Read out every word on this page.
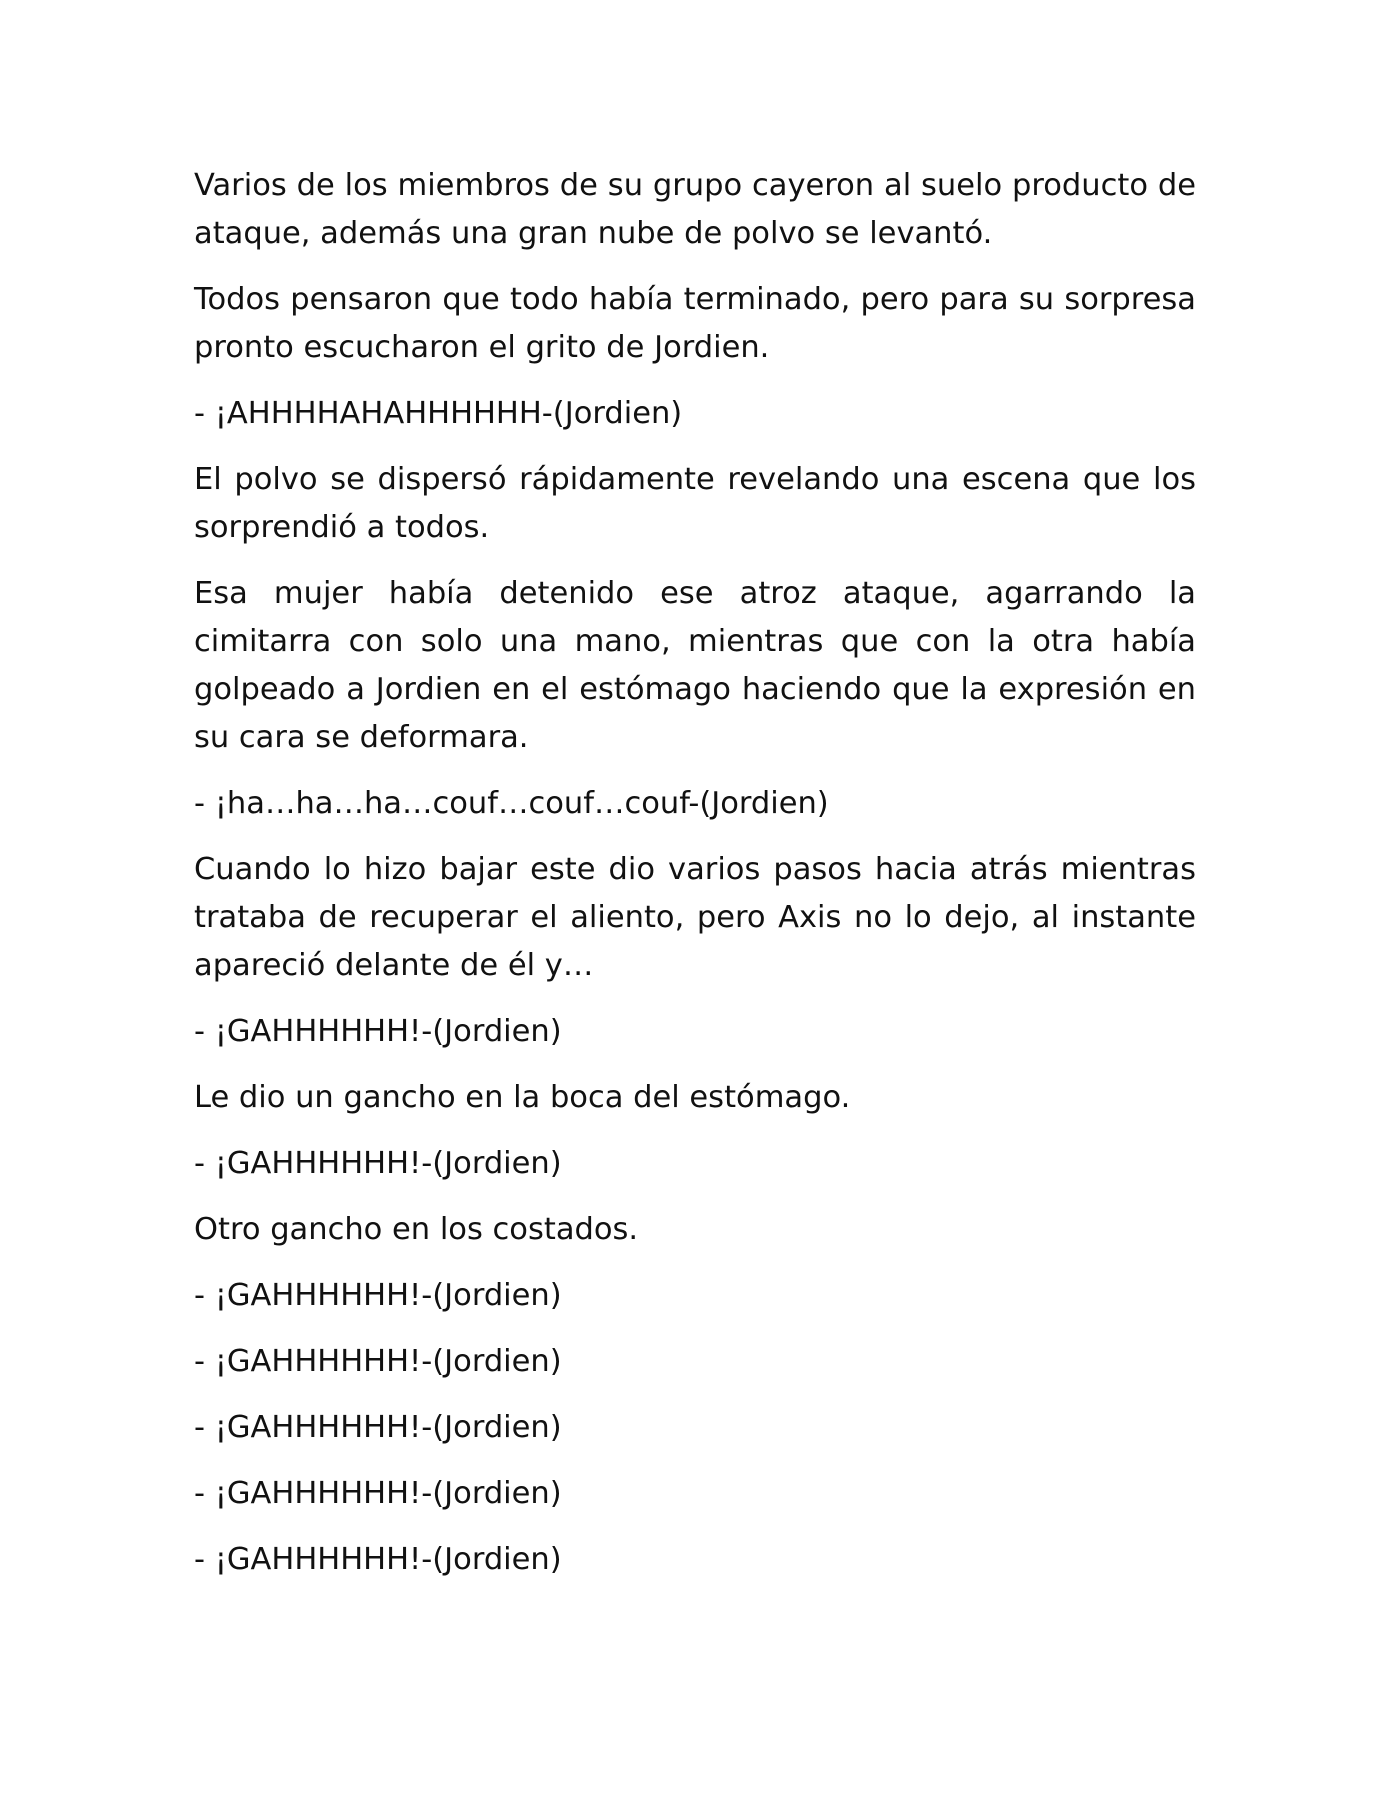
Varios de los miembros de su grupo cayeron al suelo producto de ataque, además una gran nube de polvo se levantó.

Todos pensaron que todo había terminado, pero para su sorpresa pronto escucharon el grito de Jordien.

- ¡AHHHHAHAHHHHHH-(Jordien)

El polvo se dispersó rápidamente revelando una escena que los sorprendió a todos.

Esa mujer había detenido ese atroz ataque, agarrando la cimitarra con solo una mano, mientras que con la otra había golpeado a Jordien en el estómago haciendo que la expresión en su cara se deformara.

- ¡ha…ha…ha…couf…couf…couf-(Jordien)

Cuando lo hizo bajar este dio varios pasos hacia atrás mientras trataba de recuperar el aliento, pero Axis no lo dejo, al instante apareció delante de él y…

- ¡GAHHHHHH!-(Jordien)

Le dio un gancho en la boca del estómago.

- ¡GAHHHHHH!-(Jordien)

Otro gancho en los costados.

- ¡GAHHHHHH!-(Jordien)

- ¡GAHHHHHH!-(Jordien)

- ¡GAHHHHHH!-(Jordien)

- ¡GAHHHHHH!-(Jordien)

- ¡GAHHHHHH!-(Jordien)
